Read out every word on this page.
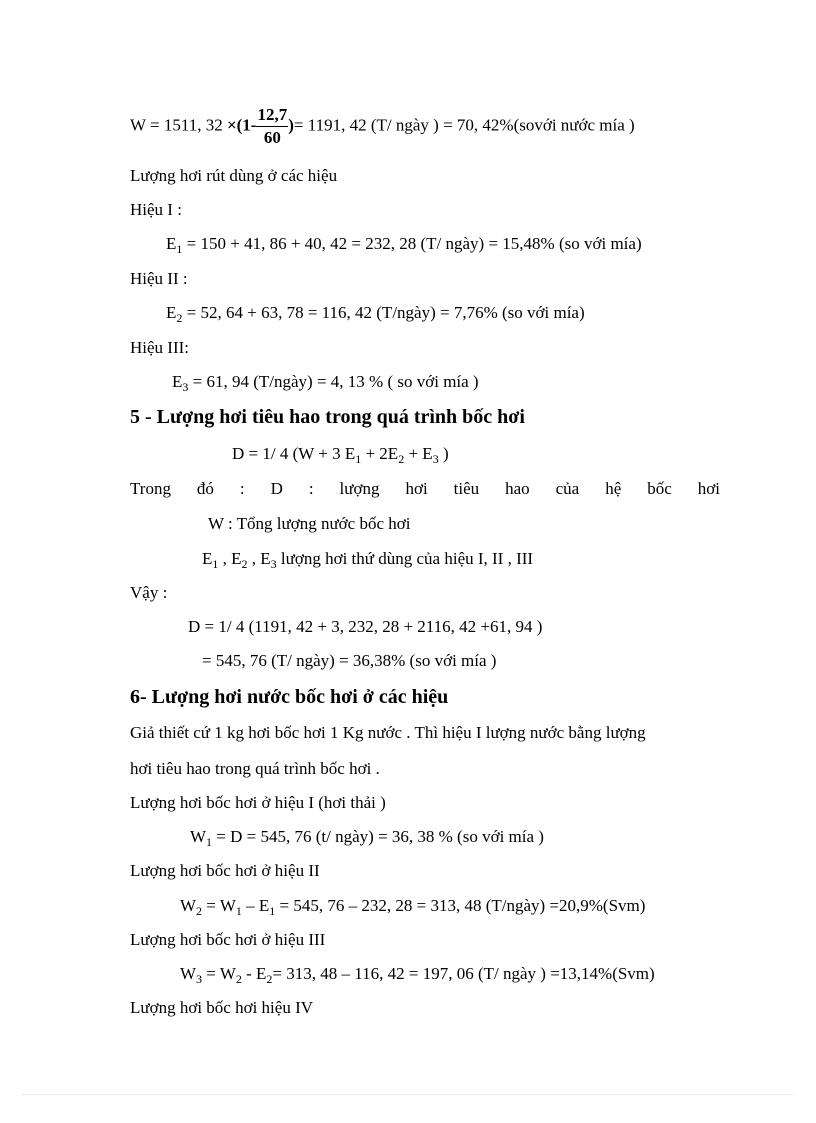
W = 1511, $32 \times(1- \frac{12,7}{60}$ )= 1191, 42 (T/ ngày ) = 70, 42%(sovới nước mía )
Lượng hơi rút dùng ở các hiệu
Hiệu I :
$E_1 = 150 + 41$, 86 + 40, 42 = 232, 28 (T/ ngày) = 15,48% (so với mía)
Hiệu II :
$E_2 = 52$, 64 + 63, 78 = 116, 42 (T/ngày) = 7,76% (so với mía)
Hiệu III:
$E_3 = 61$, 94 (T/ngày) = 4, 13 % ( so với mía )
5 - Lượng hơi tiêu hao trong quá trình bốc hơi
D = 1/ 4 (W + 3 $E_1 + 2E_2 + E_3$ )
Trong đó : D : lượng hơi tiêu hao của hệ bốc hơi
W : Tổng lượng nước bốc hơi
$E_1$ , $E_2$ , $E_3$ lượng hơi thứ dùng của hiệu I, II , III
Vậy :
D = 1/ 4 (1191, 42 + 3, 232, 28 + 2116, 42 +61, 94 )
= 545, 76 (T/ ngày) = 36,38% (so với mía )
6- Lượng hơi nước bốc hơi ở các hiệu
Giả thiết cứ 1 kg hơi bốc hơi 1 Kg nước . Thì hiệu I lượng nước bằng lượng
hơi tiêu hao trong quá trình bốc hơi .
Lượng hơi bốc hơi ở hiệu I (hơi thải )
$W_1 = D = 545$, 76 (t/ ngày) = 36, 38 % (so với mía )
Lượng hơi bốc hơi ở hiệu II
$W_2 = W_1 - E_1 = 545$, 76 – 232, 28 = 313, 48 (T/ngày) =20,9%(Svm)
Lượng hơi bốc hơi ở hiệu III
$W_3 = W_2 - E_2= 313$, 48 – 116, 42 = 197, 06 (T/ ngày ) =13,14%(Svm)
Lượng hơi bốc hơi hiệu IV
